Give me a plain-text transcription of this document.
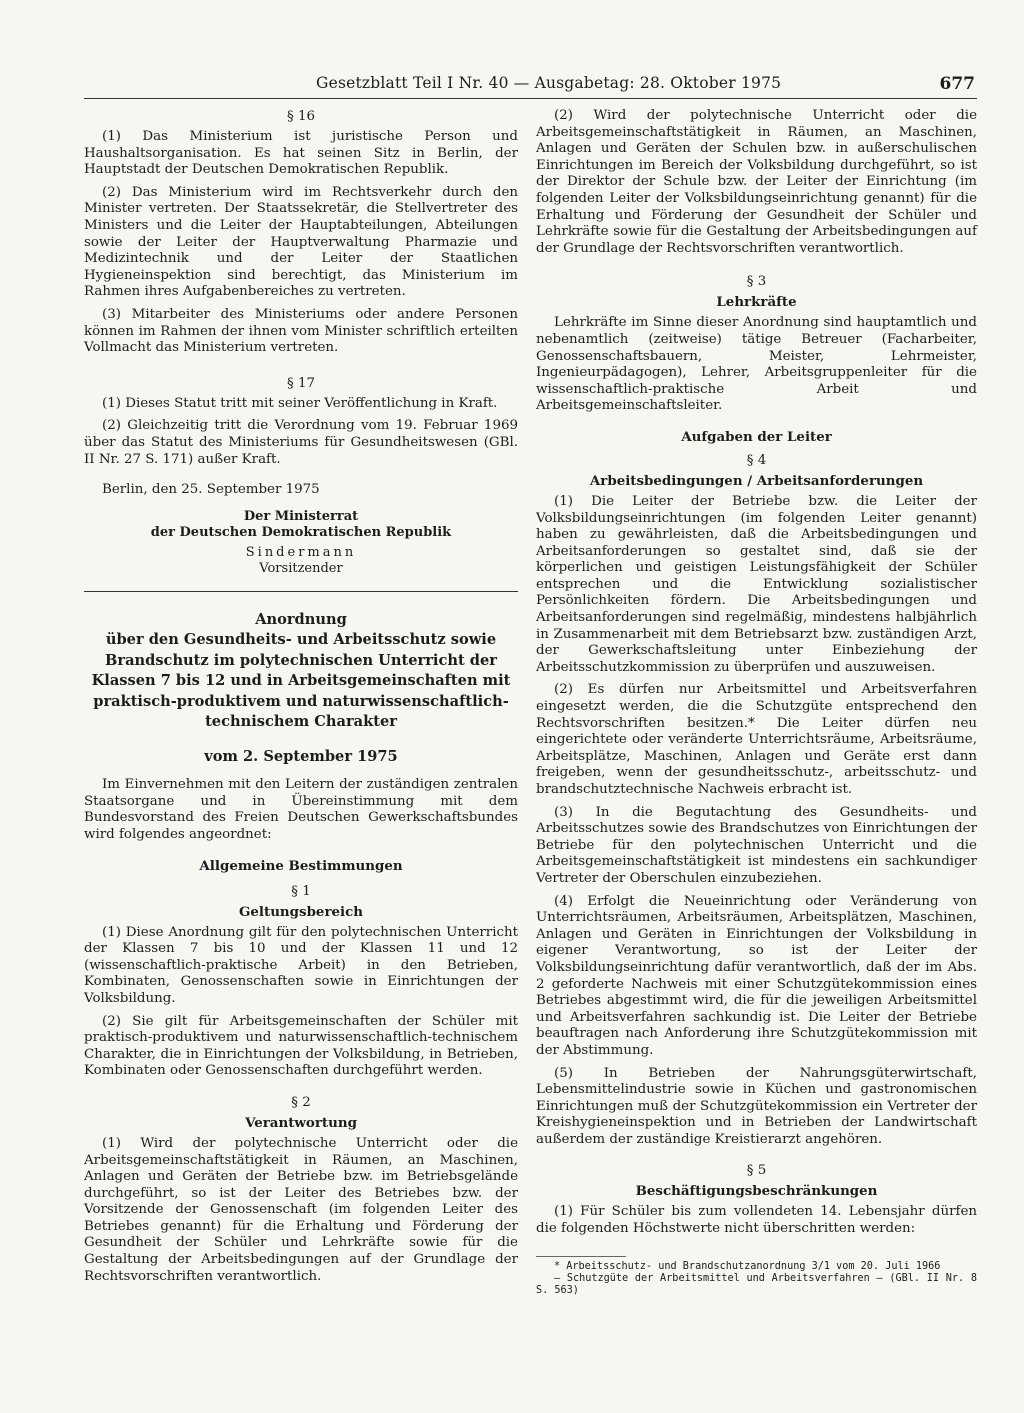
Gesetzblatt Teil I Nr. 40 — Ausgabetag: 28. Oktober 1975	677
§ 16

(1) Das Ministerium ist juristische Person und Haushaltsorganisation. Es hat seinen Sitz in Berlin, der Hauptstadt der Deutschen Demokratischen Republik.

(2) Das Ministerium wird im Rechtsverkehr durch den Minister vertreten. Der Staatssekretär, die Stellvertreter des Ministers und die Leiter der Hauptabteilungen, Abteilungen sowie der Leiter der Hauptverwaltung Pharmazie und Medizintechnik und der Leiter der Staatlichen Hygieneinspektion sind berechtigt, das Ministerium im Rahmen ihres Aufgabenbereiches zu vertreten.

(3) Mitarbeiter des Ministeriums oder andere Personen können im Rahmen der ihnen vom Minister schriftlich erteilten Vollmacht das Ministerium vertreten.

§ 17

(1) Dieses Statut tritt mit seiner Veröffentlichung in Kraft.

(2) Gleichzeitig tritt die Verordnung vom 19. Februar 1969 über das Statut des Ministeriums für Gesundheitswesen (GBl. II Nr. 27 S. 171) außer Kraft.

Berlin, den 25. September 1975

Der Ministerrat
der Deutschen Demokratischen Republik
Sindermann
Vorsitzender
Anordnung
über den Gesundheits- und Arbeitsschutz sowie Brandschutz im polytechnischen Unterricht der Klassen 7 bis 12 und in Arbeitsgemeinschaften mit praktisch-produktivem und naturwissenschaftlich-technischem Charakter
vom 2. September 1975

Im Einvernehmen mit den Leitern der zuständigen zentralen Staatsorgane und in Übereinstimmung mit dem Bundesvorstand des Freien Deutschen Gewerkschaftsbundes wird folgendes angeordnet:

Allgemeine Bestimmungen
§ 1
Geltungsbereich

(1) Diese Anordnung gilt für den polytechnischen Unterricht der Klassen 7 bis 10 und der Klassen 11 und 12 (wissenschaftlich-praktische Arbeit) in den Betrieben, Kombinaten, Genossenschaften sowie in Einrichtungen der Volksbildung.

(2) Sie gilt für Arbeitsgemeinschaften der Schüler mit praktisch-produktivem und naturwissenschaftlich-technischem Charakter, die in Einrichtungen der Volksbildung, in Betrieben, Kombinaten oder Genossenschaften durchgeführt werden.

§ 2
Verantwortung

(1) Wird der polytechnische Unterricht oder die Arbeitsgemeinschaftstätigkeit in Räumen, an Maschinen, Anlagen und Geräten der Betriebe bzw. im Betriebsgelände durchgeführt, so ist der Leiter des Betriebes bzw. der Vorsitzende der Genossenschaft (im folgenden Leiter des Betriebes genannt) für die Erhaltung und Förderung der Gesundheit der Schüler und Lehrkräfte sowie für die Gestaltung der Arbeitsbedingungen auf der Grundlage der Rechtsvorschriften verantwortlich.

(2) Wird der polytechnische Unterricht oder die Arbeitsgemeinschaftstätigkeit in Räumen, an Maschinen, Anlagen und Geräten der Schulen bzw. in außerschulischen Einrichtungen im Bereich der Volksbildung durchgeführt, so ist der Direktor der Schule bzw. der Leiter der Einrichtung (im folgenden Leiter der Volksbildungseinrichtung genannt) für die Erhaltung und Förderung der Gesundheit der Schüler und Lehrkräfte sowie für die Gestaltung der Arbeitsbedingungen auf der Grundlage der Rechtsvorschriften verantwortlich.

§ 3
Lehrkräfte

Lehrkräfte im Sinne dieser Anordnung sind hauptamtlich und nebenamtlich (zeitweise) tätige Betreuer (Facharbeiter, Genossenschaftsbauern, Meister, Lehrmeister, Ingenieurpädagogen), Lehrer, Arbeitsgruppenleiter für die wissenschaftlich-praktische Arbeit und Arbeitsgemeinschaftsleiter.

Aufgaben der Leiter
§ 4
Arbeitsbedingungen / Arbeitsanforderungen

(1) Die Leiter der Betriebe bzw. die Leiter der Volksbildungseinrichtungen (im folgenden Leiter genannt) haben zu gewährleisten, daß die Arbeitsbedingungen und Arbeitsanforderungen so gestaltet sind, daß sie der körperlichen und geistigen Leistungsfähigkeit der Schüler entsprechen und die Entwicklung sozialistischer Persönlichkeiten fördern. Die Arbeitsbedingungen und Arbeitsanforderungen sind regelmäßig, mindestens halbjährlich in Zusammenarbeit mit dem Betriebsarzt bzw. zuständigen Arzt, der Gewerkschaftsleitung unter Einbeziehung der Arbeitsschutzkommission zu überprüfen und auszuweisen.

(2) Es dürfen nur Arbeitsmittel und Arbeitsverfahren eingesetzt werden, die die Schutzgüte entsprechend den Rechtsvorschriften besitzen.* Die Leiter dürfen neu eingerichtete oder veränderte Unterrichtsräume, Arbeitsräume, Arbeitsplätze, Maschinen, Anlagen und Geräte erst dann freigeben, wenn der gesundheitsschutz-, arbeitsschutz- und brandschutztechnische Nachweis erbracht ist.

(3) In die Begutachtung des Gesundheits- und Arbeitsschutzes sowie des Brandschutzes von Einrichtungen der Betriebe für den polytechnischen Unterricht und die Arbeitsgemeinschaftstätigkeit ist mindestens ein sachkundiger Vertreter der Oberschulen einzubeziehen.

(4) Erfolgt die Neueinrichtung oder Veränderung von Unterrichtsräumen, Arbeitsräumen, Arbeitsplätzen, Maschinen, Anlagen und Geräten in Einrichtungen der Volksbildung in eigener Verantwortung, so ist der Leiter der Volksbildungseinrichtung dafür verantwortlich, daß der im Abs. 2 geforderte Nachweis mit einer Schutzgütekommission eines Betriebes abgestimmt wird, die für die jeweiligen Arbeitsmittel und Arbeitsverfahren sachkundig ist. Die Leiter der Betriebe beauftragen nach Anforderung ihre Schutzgütekommission mit der Abstimmung.

(5) In Betrieben der Nahrungsgüterwirtschaft, Lebensmittelindustrie sowie in Küchen und gastronomischen Einrichtungen muß der Schutzgütekommission ein Vertreter der Kreishygieneinspektion und in Betrieben der Landwirtschaft außerdem der zuständige Kreistierarzt angehören.

§ 5
Beschäftigungsbeschränkungen

(1) Für Schüler bis zum vollendeten 14. Lebensjahr dürfen die folgenden Höchstwerte nicht überschritten werden:

* Arbeitsschutz- und Brandschutzanordnung 3/1 vom 20. Juli 1966

– Schutzgüte der Arbeitsmittel und Arbeitsverfahren – (GBl. II Nr. 8 S. 563)
